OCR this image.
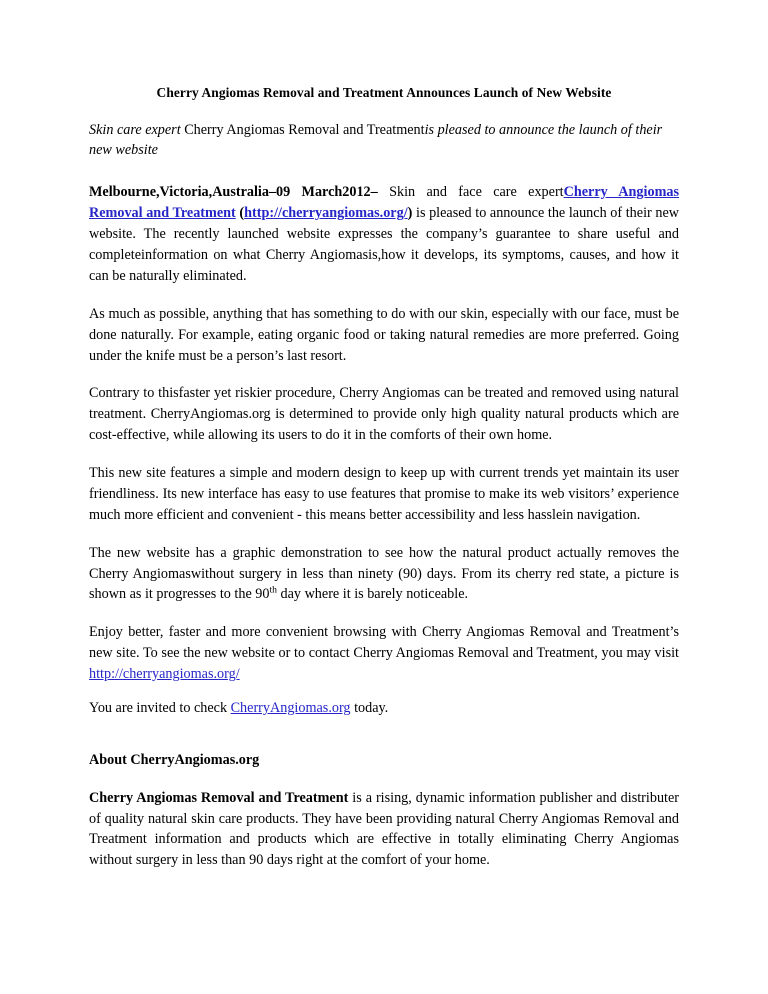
Cherry Angiomas Removal and Treatment Announces Launch of New Website

Skin care expert Cherry Angiomas Removal and Treatmentis pleased to announce the launch of their new website

Melbourne,Victoria,Australia–09 March2012– Skin and face care expertCherry Angiomas Removal and Treatment (http://cherryangiomas.org/) is pleased to announce the launch of their new website. The recently launched website expresses the company’s guarantee to share useful and completeinformation on what Cherry Angiomasis,how it develops, its symptoms, causes, and how it can be naturally eliminated.

As much as possible, anything that has something to do with our skin, especially with our face, must be done naturally. For example, eating organic food or taking natural remedies are more preferred. Going under the knife must be a person’s last resort.

Contrary to thisfaster yet riskier procedure, Cherry Angiomas can be treated and removed using natural treatment. CherryAngiomas.org is determined to provide only high quality natural products which are cost-effective, while allowing its users to do it in the comforts of their own home.

This new site features a simple and modern design to keep up with current trends yet maintain its user friendliness. Its new interface has easy to use features that promise to make its web visitors’ experience much more efficient and convenient - this means better accessibility and less hasslein navigation.

The new website has a graphic demonstration to see how the natural product actually removes the Cherry Angiomaswithout surgery in less than ninety (90) days. From its cherry red state, a picture is shown as it progresses to the 90th day where it is barely noticeable.

Enjoy better, faster and more convenient browsing with Cherry Angiomas Removal and Treatment’s new site. To see the new website or to contact Cherry Angiomas Removal and Treatment, you may visit http://cherryangiomas.org/

You are invited to check CherryAngiomas.org today.

About CherryAngiomas.org

Cherry Angiomas Removal and Treatment is a rising, dynamic information publisher and distributer of quality natural skin care products. They have been providing natural Cherry Angiomas Removal and Treatment information and products which are effective in totally eliminating Cherry Angiomas without surgery in less than 90 days right at the comfort of your home.
